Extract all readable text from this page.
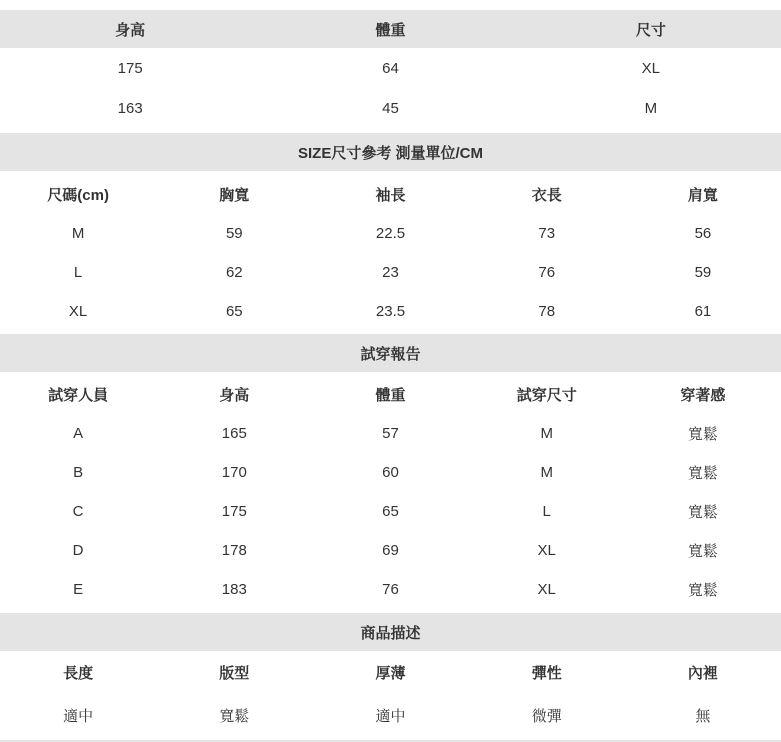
身高	體重	尺寸
175	64	XL
163	45	M
SIZE尺寸參考 測量單位/CM
尺碼(cm)	胸寬	袖長	衣長	肩寬
M	59	22.5	73	56
L	62	23	76	59
XL	65	23.5	78	61
試穿報告
試穿人員	身高	體重	試穿尺寸	穿著感
A	165	57	M	寬鬆
B	170	60	M	寬鬆
C	175	65	L	寬鬆
D	178	69	XL	寬鬆
E	183	76	XL	寬鬆
商品描述
長度	版型	厚薄	彈性	內裡
適中	寬鬆	適中	微彈	無
